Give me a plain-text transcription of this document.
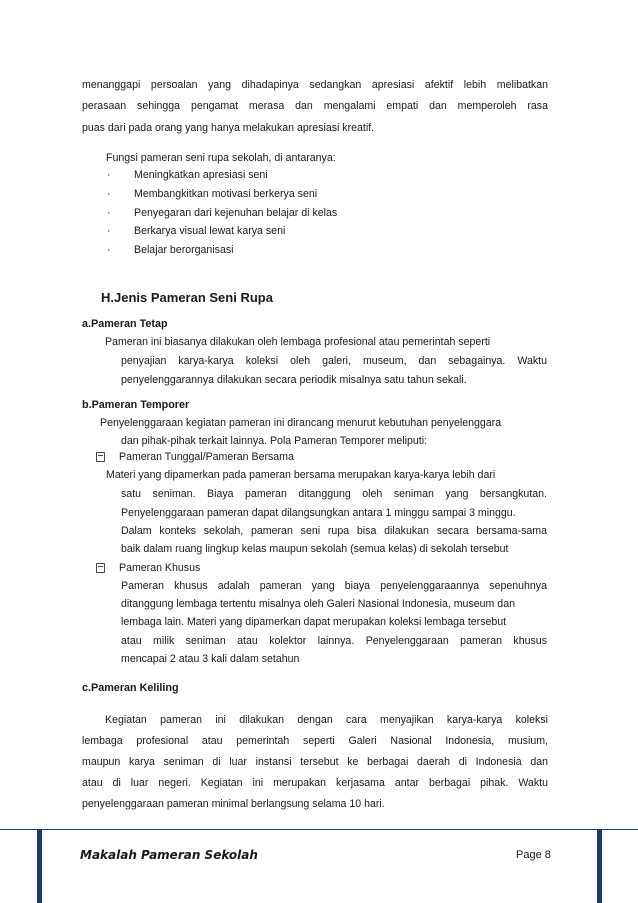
menanggapi persoalan yang dihadapinya sedangkan apresiasi afektif lebih melibatkan
perasaan sehingga pengamat merasa dan mengalami empati dan memperoleh rasa
puas dari pada orang yang hanya melakukan apresiasi kreatif.
Fungsi pameran seni rupa sekolah, di antaranya:
· Meningkatkan apresiasi seni
· Membangkitkan motivasi berkerya seni
· Penyegaran dari kejenuhan belajar di kelas
· Berkarya visual lewat karya seni
· Belajar berorganisasi
H.Jenis Pameran Seni Rupa
a.Pameran Tetap
Pameran ini biasanya dilakukan oleh lembaga profesional atau pemerintah seperti
penyajian karya-karya koleksi oleh galeri, museum, dan sebagainya. Waktu
penyelenggarannya dilakukan secara periodik misalnya satu tahun sekali.
b.Pameran Temporer
Penyelenggaraan kegiatan pameran ini dirancang menurut kebutuhan penyelenggara
dan pihak-pihak terkait lainnya. Pola Pameran Temporer meliputi:
Pameran Tunggal/Pameran Bersama
Materi yang dipamerkan pada pameran bersama merupakan karya-karya lebih dari
satu seniman. Biaya pameran ditanggung oleh seniman yang bersangkutan.
Penyelenggaraan pameran dapat dilangsungkan antara 1 minggu sampai 3 minggu.
Dalam konteks sekolah, pameran seni rupa bisa dilakukan secara bersama-sama
baik dalam ruang lingkup kelas maupun sekolah (semua kelas) di sekolah tersebut
Pameran Khusus
Pameran khusus adalah pameran yang biaya penyelenggaraannya sepenuhnya
ditanggung lembaga tertentu misalnya oleh Galeri Nasional Indonesia, museum dan
lembaga lain. Materi yang dipamerkan dapat merupakan koleksi lembaga tersebut
atau milik seniman atau kolektor lainnya. Penyelenggaraan pameran khusus
mencapai 2 atau 3 kali dalam setahun
c.Pameran Keliling
Kegiatan pameran ini dilakukan dengan cara menyajikan karya-karya koleksi
lembaga profesional atau pemerintah seperti Galeri Nasional Indonesia, musium,
maupun karya seniman di luar instansi tersebut ke berbagai daerah di Indonesia dan
atau di luar negeri. Kegiatan ini merupakan kerjasama antar berbagai pihak. Waktu
penyelenggaraan pameran minimal berlangsung selama 10 hari.
Makalah Pameran Sekolah	Page 8
